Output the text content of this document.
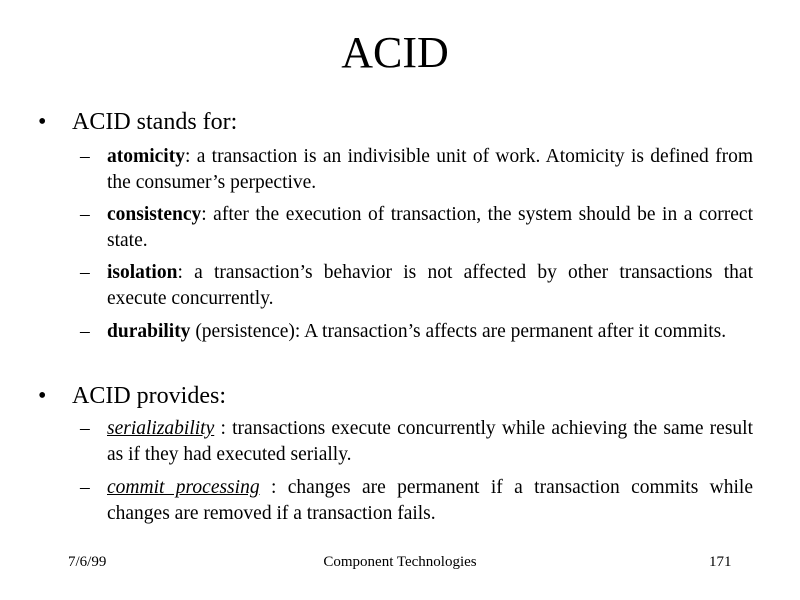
ACID
• ACID stands for:
– atomicity: a transaction is an indivisible unit of work. Atomicity is defined from the consumer’s perpective.
– consistency: after the execution of transaction, the system should be in a correct state.
– isolation: a transaction’s behavior is not affected by other transactions that execute concurrently.
– durability (persistence): A transaction’s affects are permanent after it commits.
• ACID provides:
– serializability : transactions execute concurrently while achieving the same result as if they had executed serially.
– commit processing : changes are permanent if a transaction commits while changes are removed if a transaction fails.
7/6/99	Component Technologies	171
